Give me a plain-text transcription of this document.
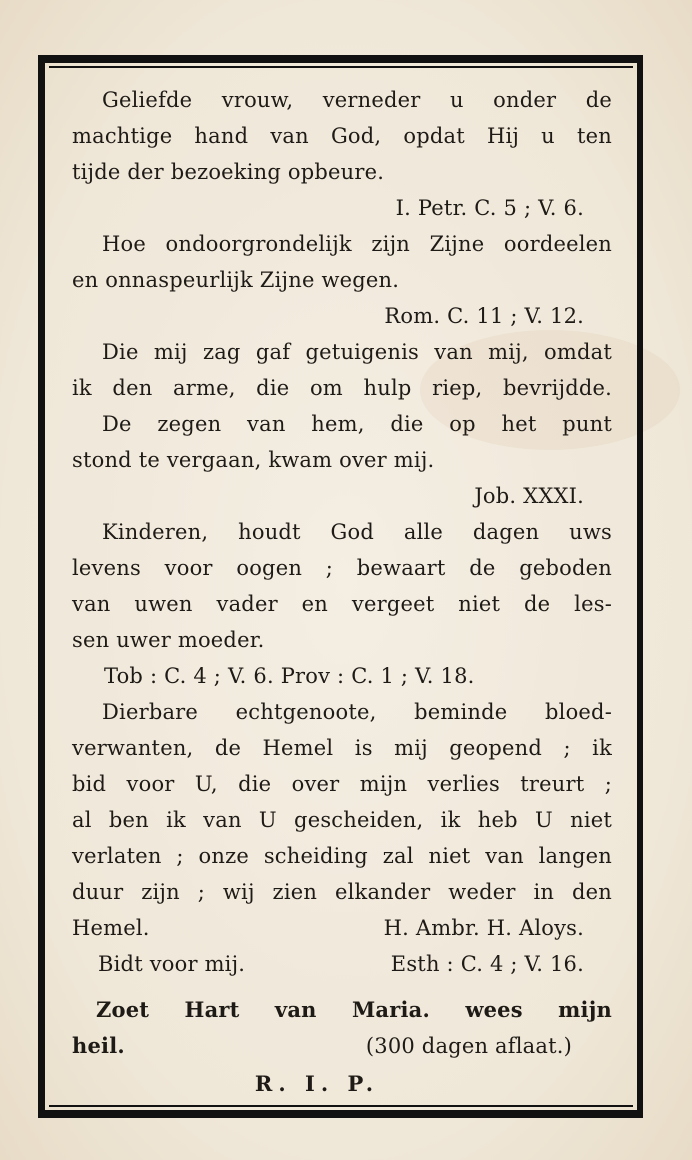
Geliefde vrouw, verneder u onder de
machtige hand van God, opdat Hij u ten
tijde der bezoeking opbeure.
I. Petr. C. 5 ; V. 6.
Hoe ondoorgrondelijk zijn Zijne oordeelen
en onnaspeurlijk Zijne wegen.
Rom. C. 11 ; V. 12.
Die mij zag gaf getuigenis van mij, omdat
ik den arme, die om hulp riep, bevrijdde.
De zegen van hem, die op het punt
stond te vergaan, kwam over mij.
Job. XXXI.
Kinderen, houdt God alle dagen uws
levens voor oogen ; bewaart de geboden
van uwen vader en vergeet niet de les-
sen uwer moeder.
Tob : C. 4 ; V. 6. Prov : C. 1 ; V. 18.
Dierbare echtgenoote, beminde bloed-
verwanten, de Hemel is mij geopend ; ik
bid voor U, die over mijn verlies treurt ;
al ben ik van U gescheiden, ik heb U niet
verlaten ; onze scheiding zal niet van langen
duur zijn ; wij zien elkander weder in den
Hemel.	H. Ambr. H. Aloys.
Bidt voor mij.	Esth : C. 4 ; V. 16.
Zoet Hart van Maria. wees mijn
heil.	(300 dagen aflaat.)
R. I. P.
